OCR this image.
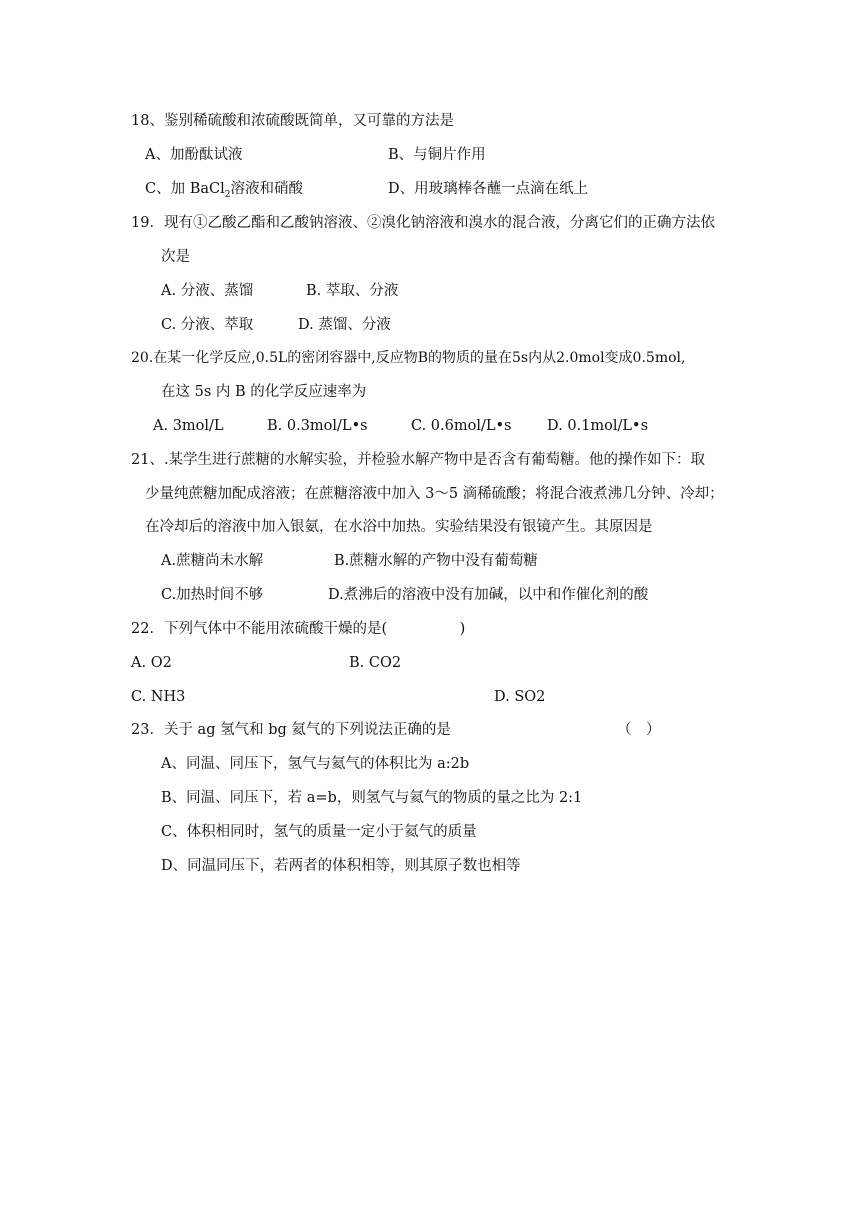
18、鉴别稀硫酸和浓硫酸既简单，又可靠的方法是
A、加酚酞试液	B、与铜片作用
C、加 BaCl$_2$溶液和硝酸	D、用玻璃棒各蘸一点滴在纸上
19．现有①乙酸乙酯和乙酸钠溶液、②溴化钠溶液和溴水的混合液，分离它们的正确方法依
次是
A. 分液、蒸馏	B. 萃取、分液
C. 分液、萃取	D. 蒸馏、分液
20.在某一化学反应,0.5L的密闭容器中,反应物B的物质的量在5s内从2.0mol变成0.5mol,
在这 5s 内 B 的化学反应速率为
A. 3mol/L	B. 0.3mol/L•s	C. 0.6mol/L•s D. 0.1mol/L•s
21、.某学生进行蔗糖的水解实验，并检验水解产物中是否含有葡萄糖。他的操作如下：取
少量纯蔗糖加配成溶液；在蔗糖溶液中加入 3～5 滴稀硫酸；将混合液煮沸几分钟、冷却；
在冷却后的溶液中加入银氨，在水浴中加热。实验结果没有银镜产生。其原因是
A.蔗糖尚未水解	B.蔗糖水解的产物中没有葡萄糖
C.加热时间不够	D.煮沸后的溶液中没有加碱，以中和作催化剂的酸
22．下列气体中不能用浓硫酸干燥的是(　　　　　)
A. O2	B. CO2
C. NH3	D. SO2
23．关于 ag 氢气和 bg 氦气的下列说法正确的是	（　）
A、同温、同压下，氢气与氦气的体积比为 a:2b
B、同温、同压下，若 a=b，则氢气与氦气的物质的量之比为 2:1
C、体积相同时，氢气的质量一定小于氦气的质量
D、同温同压下，若两者的体积相等，则其原子数也相等
